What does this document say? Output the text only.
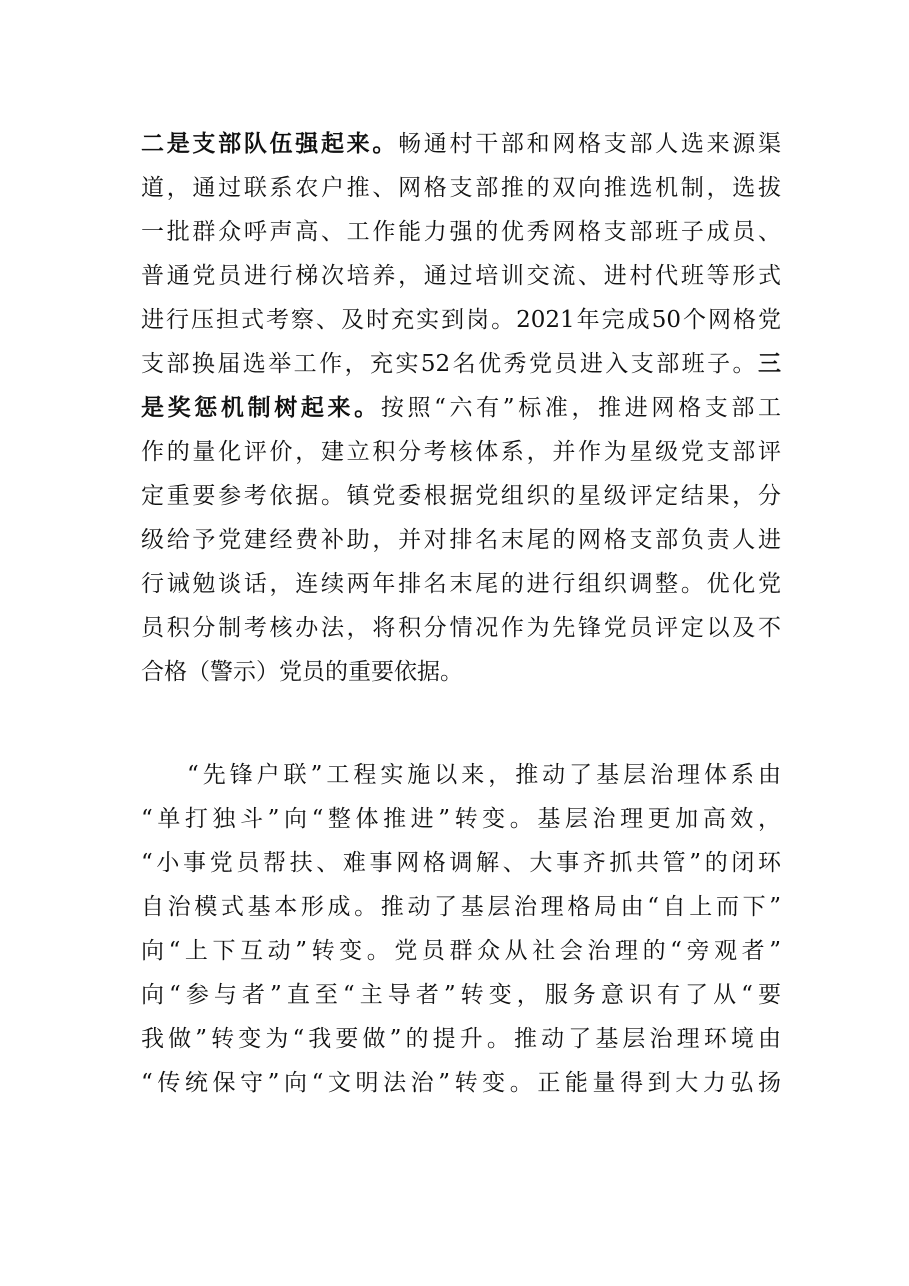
二是支部队伍强起来。畅通村干部和网格支部人选来源渠
道，通过联系农户推、网格支部推的双向推选机制，选拔
一批群众呼声高、工作能力强的优秀网格支部班子成员、
普通党员进行梯次培养，通过培训交流、进村代班等形式
进行压担式考察、及时充实到岗。2021年完成50个网格党
支部换届选举工作，充实52名优秀党员进入支部班子。三
是奖惩机制树起来。按照“六有”标准，推进网格支部工
作的量化评价，建立积分考核体系，并作为星级党支部评
定重要参考依据。镇党委根据党组织的星级评定结果，分
级给予党建经费补助，并对排名末尾的网格支部负责人进
行诫勉谈话，连续两年排名末尾的进行组织调整。优化党
员积分制考核办法，将积分情况作为先锋党员评定以及不
合格（警示）党员的重要依据。
“先锋户联”工程实施以来，推动了基层治理体系由
“单打独斗”向“整体推进”转变。基层治理更加高效，
“小事党员帮扶、难事网格调解、大事齐抓共管”的闭环
自治模式基本形成。推动了基层治理格局由“自上而下”
向“上下互动”转变。党员群众从社会治理的“旁观者”
向“参与者”直至“主导者”转变，服务意识有了从“要
我做”转变为“我要做”的提升。推动了基层治理环境由
“传统保守”向“文明法治”转变。正能量得到大力弘扬
